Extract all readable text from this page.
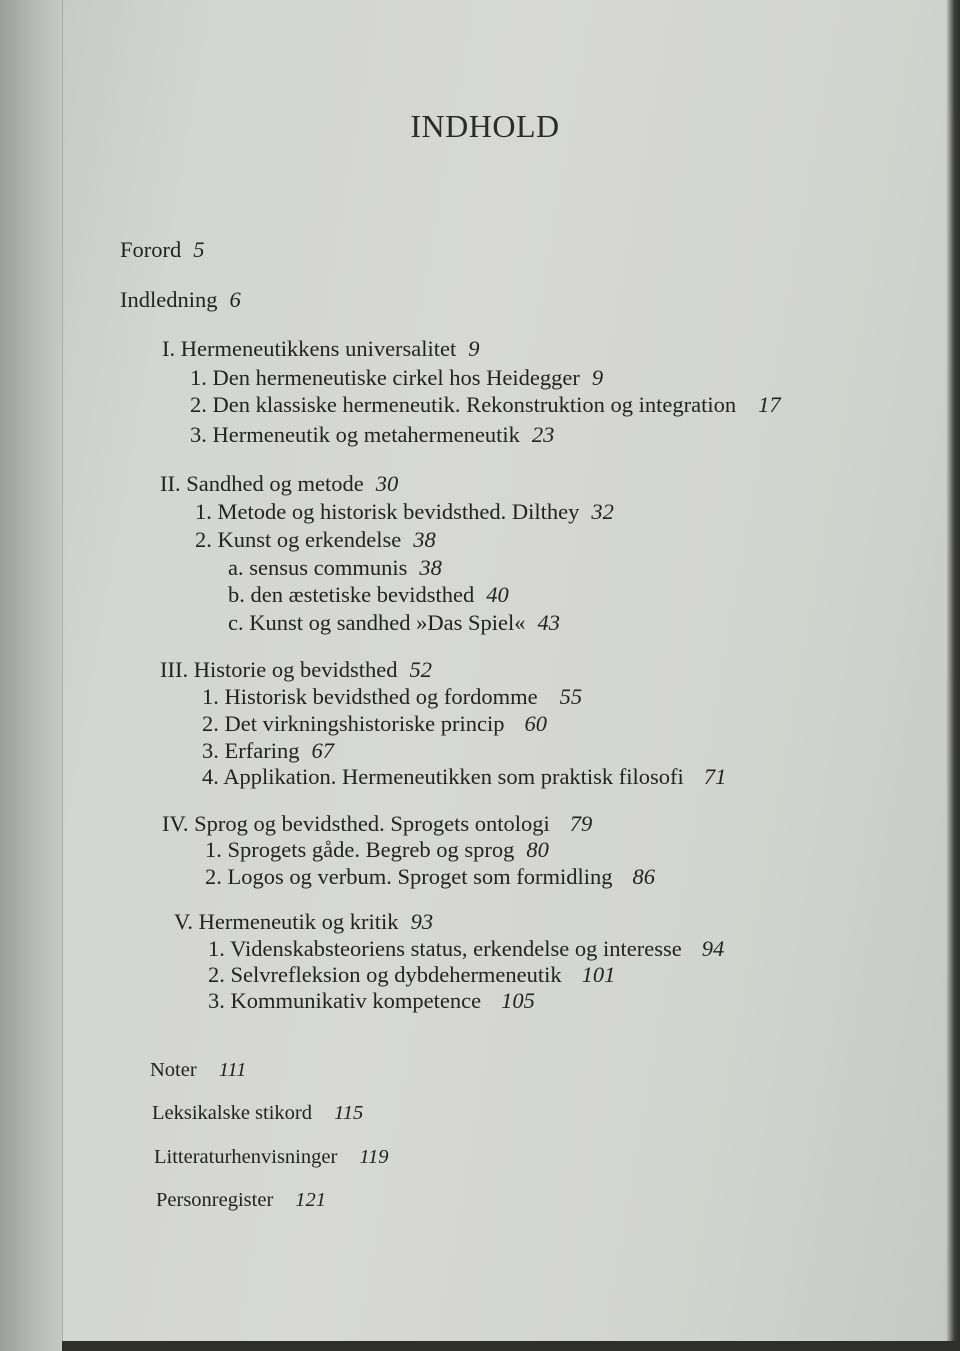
INDHOLD
Forord 5
Indledning 6
I. Hermeneutikkens universalitet 9
1. Den hermeneutiske cirkel hos Heidegger 9
2. Den klassiske hermeneutik. Rekonstruktion og integration 17
3. Hermeneutik og metahermeneutik 23
II. Sandhed og metode 30
1. Metode og historisk bevidsthed. Dilthey 32
2. Kunst og erkendelse 38
a. sensus communis 38
b. den æstetiske bevidsthed 40
c. Kunst og sandhed »Das Spiel« 43
III. Historie og bevidsthed 52
1. Historisk bevidsthed og fordomme 55
2. Det virkningshistoriske princip 60
3. Erfaring 67
4. Applikation. Hermeneutikken som praktisk filosofi 71
IV. Sprog og bevidsthed. Sprogets ontologi 79
1. Sprogets gåde. Begreb og sprog 80
2. Logos og verbum. Sproget som formidling 86
V. Hermeneutik og kritik 93
1. Videnskabsteoriens status, erkendelse og interesse 94
2. Selvrefleksion og dybdehermeneutik 101
3. Kommunikativ kompetence 105
Noter 111
Leksikalske stikord 115
Litteraturhenvisninger 119
Personregister 121
